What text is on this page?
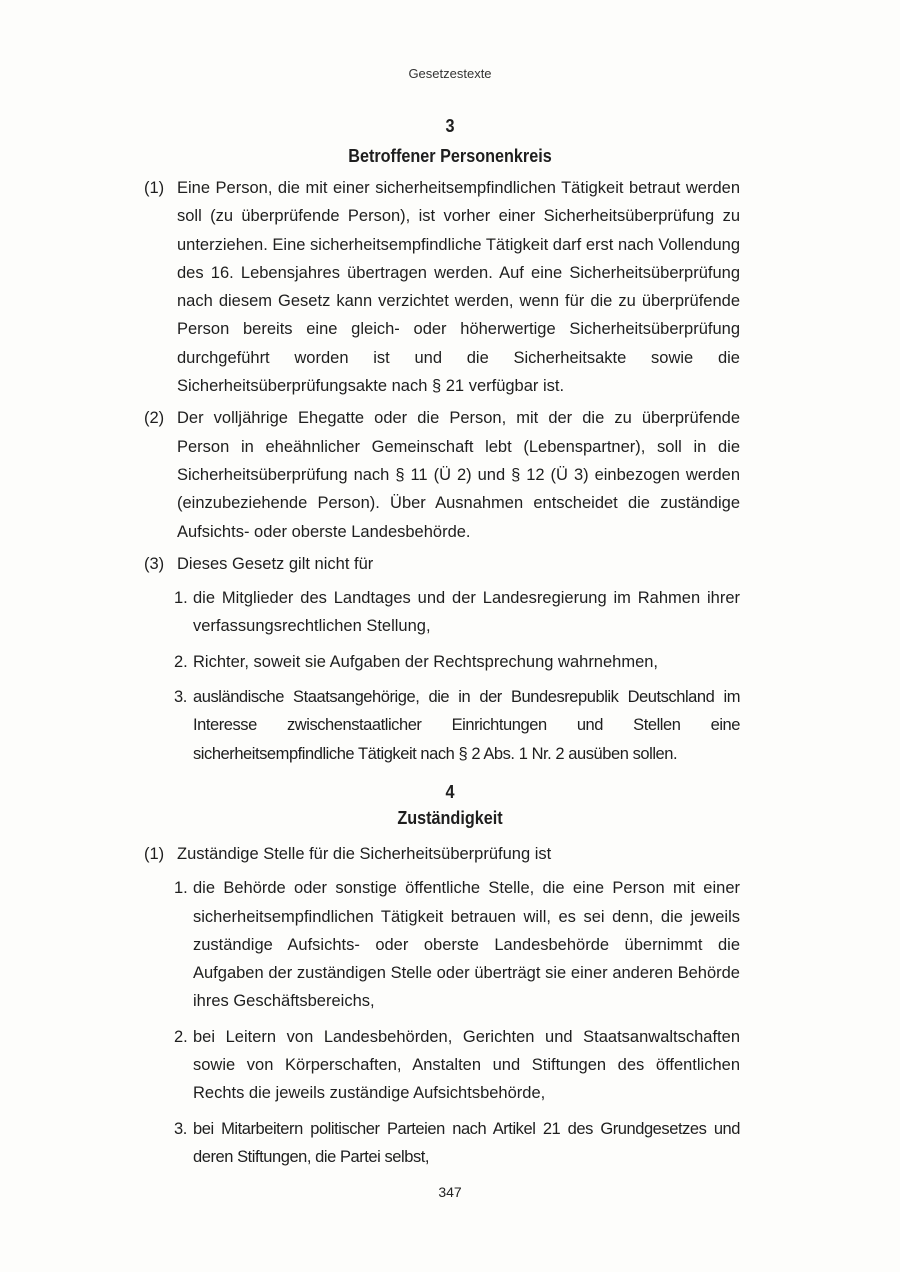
Gesetzestexte
3
Betroffener Personenkreis
(1) Eine Person, die mit einer sicherheitsempfindlichen Tätigkeit betraut werden soll (zu überprüfende Person), ist vorher einer Sicherheitsüberprüfung zu unterziehen. Eine sicherheitsempfindliche Tätigkeit darf erst nach Vollendung des 16. Lebensjahres übertragen werden. Auf eine Sicherheitsüberprüfung nach diesem Gesetz kann verzichtet werden, wenn für die zu überprüfende Person bereits eine gleich- oder höherwertige Sicherheitsüberprüfung durchgeführt worden ist und die Sicherheitsakte sowie die Sicherheitsüberprüfungsakte nach § 21 verfügbar ist.
(2) Der volljährige Ehegatte oder die Person, mit der die zu überprüfende Person in eheähnlicher Gemeinschaft lebt (Lebenspartner), soll in die Sicherheitsüberprüfung nach § 11 (Ü 2) und § 12 (Ü 3) einbezogen werden (einzubeziehende Person). Über Ausnahmen entscheidet die zuständige Aufsichts- oder oberste Landesbehörde.
(3) Dieses Gesetz gilt nicht für
1. die Mitglieder des Landtages und der Landesregierung im Rahmen ihrer verfassungsrechtlichen Stellung,
2. Richter, soweit sie Aufgaben der Rechtsprechung wahrnehmen,
3. ausländische Staatsangehörige, die in der Bundesrepublik Deutschland im Interesse zwischenstaatlicher Einrichtungen und Stellen eine sicherheitsempfindliche Tätigkeit nach § 2 Abs. 1 Nr. 2 ausüben sollen.
4
Zuständigkeit
(1) Zuständige Stelle für die Sicherheitsüberprüfung ist
1. die Behörde oder sonstige öffentliche Stelle, die eine Person mit einer sicherheitsempfindlichen Tätigkeit betrauen will, es sei denn, die jeweils zuständige Aufsichts- oder oberste Landesbehörde übernimmt die Aufgaben der zuständigen Stelle oder überträgt sie einer anderen Behörde ihres Geschäftsbereichs,
2. bei Leitern von Landesbehörden, Gerichten und Staatsanwaltschaften sowie von Körperschaften, Anstalten und Stiftungen des öffentlichen Rechts die jeweils zuständige Aufsichtsbehörde,
3. bei Mitarbeitern politischer Parteien nach Artikel 21 des Grundgesetzes und deren Stiftungen, die Partei selbst,
347
